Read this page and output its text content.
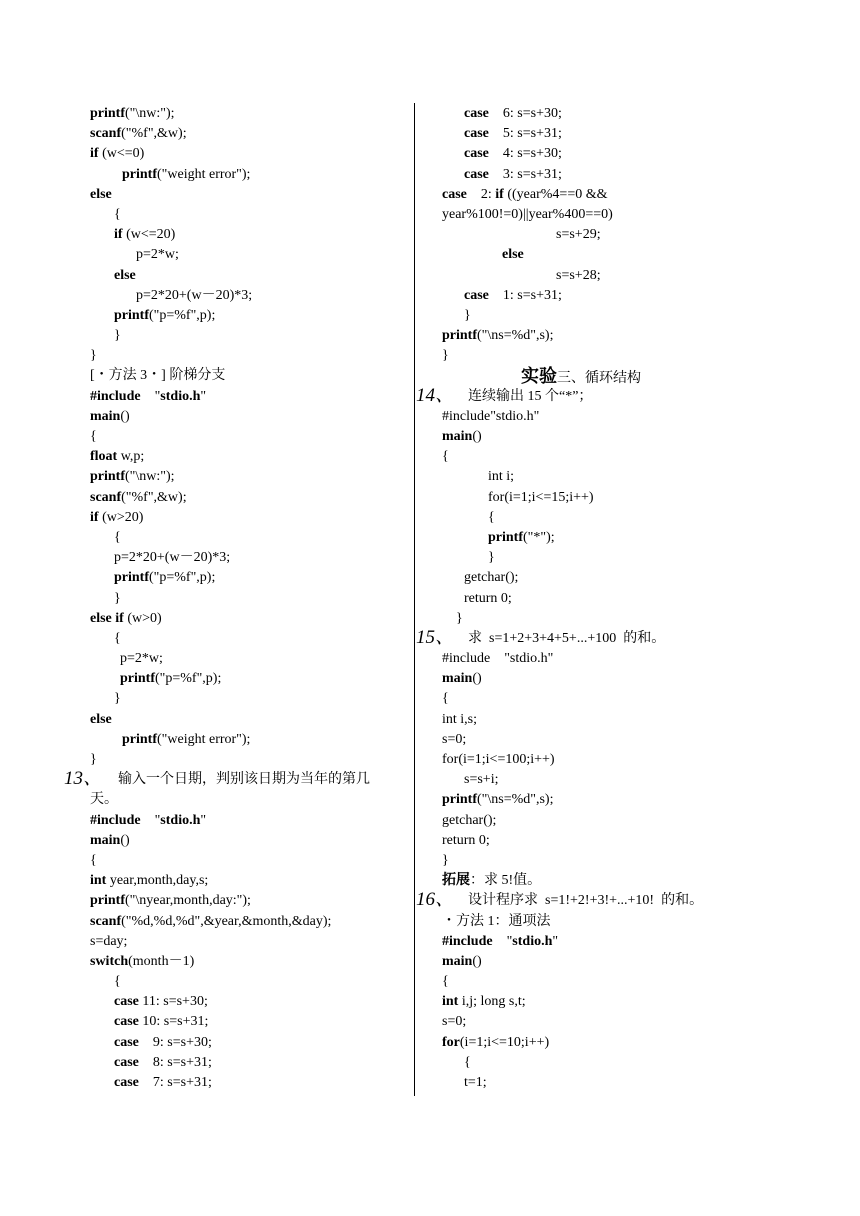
printf("\nw:");
scanf("%f",&w);
if (w<=0)
printf("weight error");
else
{
if (w<=20)
p=2*w;
else
p=2*20+(w－20)*3;
printf("p=%f",p);
}
}
[・方法 3・] 阶梯分支
#include    "stdio.h"
main()
{
float w,p;
printf("\nw:");
scanf("%f",&w);
if (w>20)
{
p=2*20+(w－20)*3;
printf("p=%f",p);
}
else if (w>0)
{
p=2*w;
printf("p=%f",p);
}
else
printf("weight error");
}
13、 输入一个日期，判别该日期为当年的第几
天。
#include    "stdio.h"
main()
{
int year,month,day,s;
printf("\nyear,month,day:");
scanf("%d,%d,%d",&year,&month,&day);
s=day;
switch(month－1)
{
case 11: s=s+30;
case 10: s=s+31;
case    9: s=s+30;
case    8: s=s+31;
case    7: s=s+31;
case    6: s=s+30;
case    5: s=s+31;
case    4: s=s+30;
case    3: s=s+31;
case    2: if ((year%4==0 &&
year%100!=0)||year%400==0)
s=s+29;
else
s=s+28;
case    1: s=s+31;
}
printf("\ns=%d",s);
}
实验三、循环结构
14、 连续输出 15 个“*”；
#include"stdio.h"
main()
{
int i;
for(i=1;i<=15;i++)
{
printf("*");
}
getchar();
return 0;
}
15、 求  s=1+2+3+4+5+...+100  的和。
#include    "stdio.h"
main()
{
int i,s;
s=0;
for(i=1;i<=100;i++)
s=s+i;
printf("\ns=%d",s);
getchar();
return 0;
}
拓展：求 5!值。
16、 设计程序求  s=1!+2!+3!+...+10!  的和。
・方法 1：通项法
#include    "stdio.h"
main()
{
int i,j; long s,t;
s=0;
for(i=1;i<=10;i++)
{
t=1;
